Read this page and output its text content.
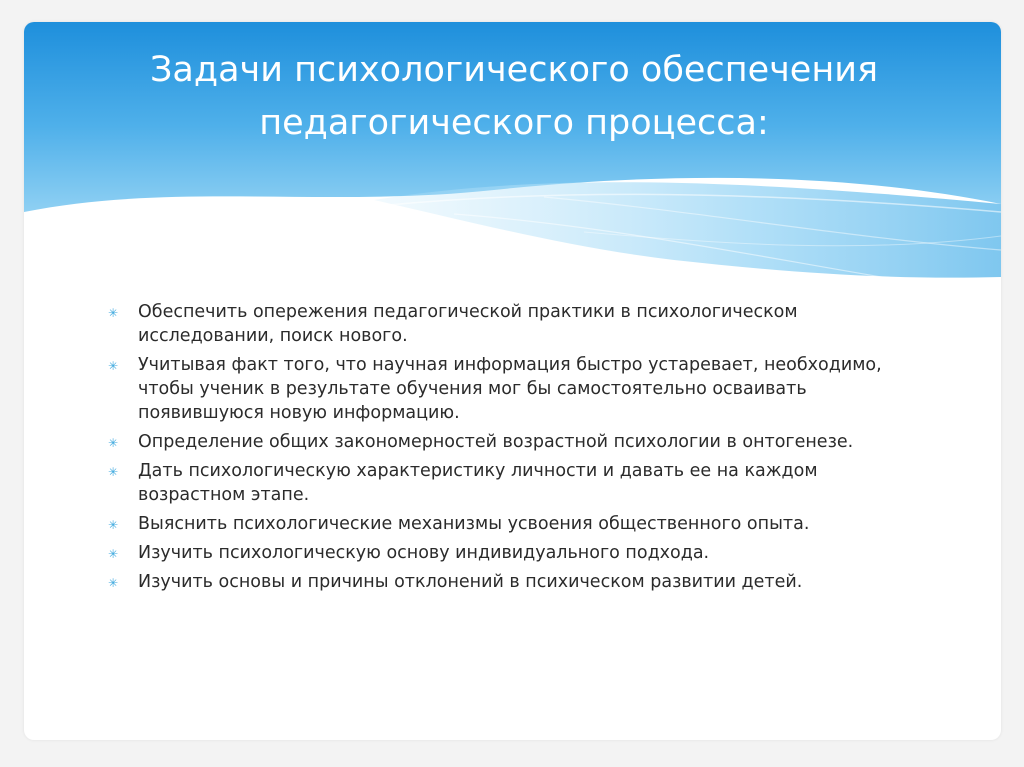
Задачи психологического обеспечения
педагогического процесса:
✳ Обеспечить опережения педагогической практики в психологическом исследовании, поиск нового.
✳ Учитывая факт того, что научная информация быстро устаревает, необходимо, чтобы ученик в результате обучения мог бы самостоятельно осваивать появившуюся новую информацию.
✳ Определение общих закономерностей возрастной психологии в онтогенезе.
✳ Дать психологическую характеристику личности и давать ее на каждом возрастном этапе.
✳ Выяснить психологические механизмы усвоения общественного опыта.
✳ Изучить психологическую основу индивидуального подхода.
✳ Изучить основы и причины отклонений в психическом развитии детей.
